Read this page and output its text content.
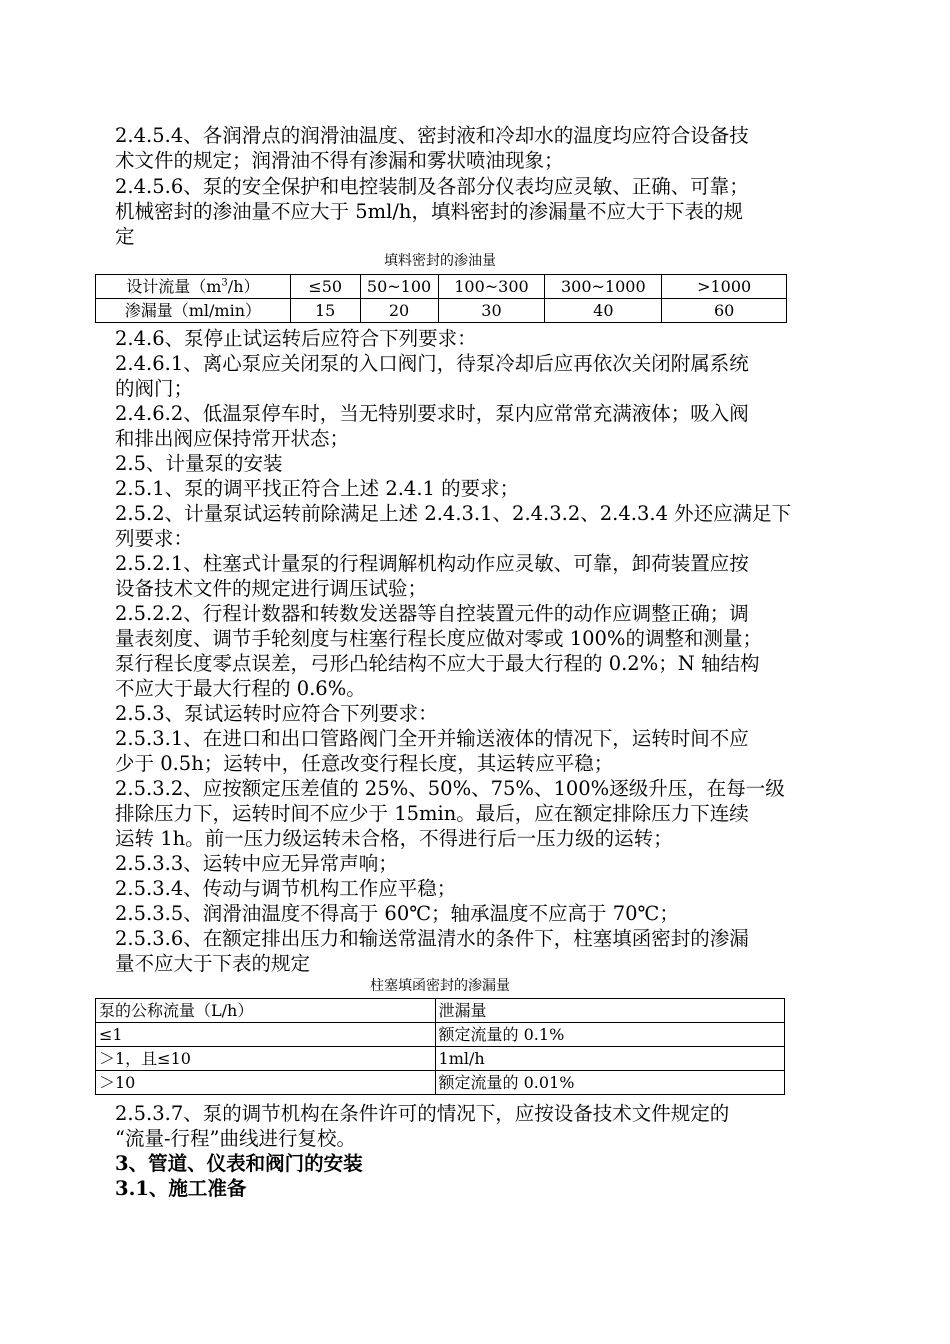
2.4.5.4、各润滑点的润滑油温度、密封液和冷却水的温度均应符合设备技
术文件的规定；润滑油不得有渗漏和雾状喷油现象；
2.4.5.6、泵的安全保护和电控装制及各部分仪表均应灵敏、正确、可靠；
机械密封的渗油量不应大于 5ml/h，填料密封的渗漏量不应大于下表的规
定
填料密封的渗油量
设计流量$(m^3/h)$	≤50	50~100	100~300	300~1000	>1000
渗漏量（ml/min）	15	20	30	40	60
2.4.6、泵停止试运转后应符合下列要求：
2.4.6.1、离心泵应关闭泵的入口阀门，待泵冷却后应再依次关闭附属系统
的阀门；
2.4.6.2、低温泵停车时，当无特别要求时，泵内应常常充满液体；吸入阀
和排出阀应保持常开状态；
2.5、计量泵的安装
2.5.1、泵的调平找正符合上述 2.4.1 的要求；
2.5.2、计量泵试运转前除满足上述 2.4.3.1、2.4.3.2、2.4.3.4 外还应满足下
列要求：
2.5.2.1、柱塞式计量泵的行程调解机构动作应灵敏、可靠，卸荷装置应按
设备技术文件的规定进行调压试验；
2.5.2.2、行程计数器和转数发送器等自控装置元件的动作应调整正确；调
量表刻度、调节手轮刻度与柱塞行程长度应做对零或 100%的调整和测量；
泵行程长度零点误差，弓形凸轮结构不应大于最大行程的 0.2%；N 轴结构
不应大于最大行程的 0.6%。
2.5.3、泵试运转时应符合下列要求：
2.5.3.1、在进口和出口管路阀门全开并输送液体的情况下，运转时间不应
少于 0.5h；运转中，任意改变行程长度，其运转应平稳；
2.5.3.2、应按额定压差值的 25%、50%、75%、100%逐级升压，在每一级
排除压力下，运转时间不应少于 15min。最后，应在额定排除压力下连续
运转 1h。前一压力级运转未合格，不得进行后一压力级的运转；
2.5.3.3、运转中应无异常声响；
2.5.3.4、传动与调节机构工作应平稳；
2.5.3.5、润滑油温度不得高于 60℃；轴承温度不应高于 70℃；
2.5.3.6、在额定排出压力和输送常温清水的条件下，柱塞填函密封的渗漏
量不应大于下表的规定
柱塞填函密封的渗漏量
泵的公称流量（L/h）	泄漏量
≤1	额定流量的 0.1%
＞1，且≤10	1ml/h
＞10	额定流量的 0.01%
2.5.3.7、泵的调节机构在条件许可的情况下，应按设备技术文件规定的
“流量-行程”曲线进行复校。
3、管道、仪表和阀门的安装
3.1、施工准备
